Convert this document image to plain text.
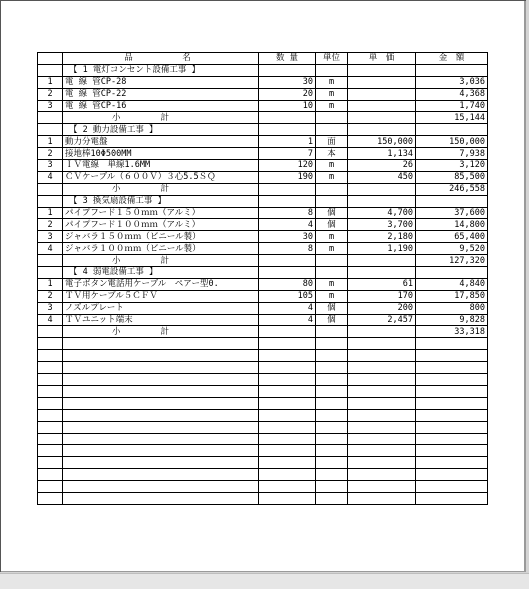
	品　　　名	数 量	単位	単　価	金　額
	【 1 電灯コンセント設備工事 】				
1	電 線 管CP-28	30	m		3,036
2	電 線 管CP-22	20	m		4,368
3	電 線 管CP-16	10	m		1,740
	小計				15,144
	【 2 動力設備工事 】				
1	動力分電盤	1	面	150,000	150,000
2	接地棒10Φ500MM	7	本	1,134	7,938
3	ＩＶ電線　単線1.6MM	120	m	26	3,120
4	ＣＶケーブル（６００Ｖ）３心5.5ＳＱ	190	m	450	85,500
	小計				246,558
	【 3 換気扇設備工事 】				
1	パイプフード１５０ｍｍ（アルミ）	8	個	4,700	37,600
2	パイプフード１００ｍｍ（アルミ）	4	個	3,700	14,800
3	ジャバラ１５０ｍｍ（ビニール製）	30	m	2,180	65,400
4	ジャバラ１００ｍｍ（ビニール製）	8	m	1,190	9,520
	小計				127,320
	【 4 弱電設備工事 】				
1	電子ボタン電話用ケーブル　ペアー型0.	80	m	61	4,840
2	ＴＶ用ケーブル５ＣＦＶ	105	m	170	17,850
3	ノズルプレート	4	個	200	800
4	ＴＶユニット端末	4	個	2,457	9,828
	小計				33,318
